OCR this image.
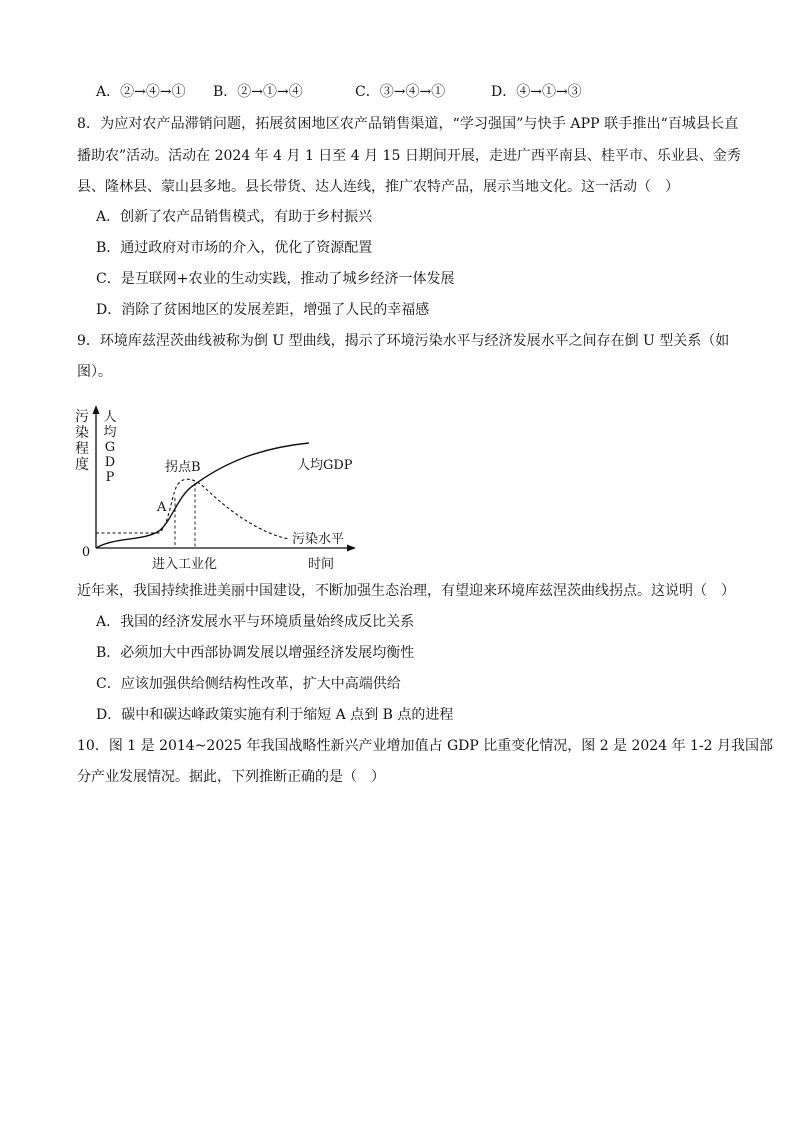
A．②→④→① B．②→①→④	C．③→④→①	D．④→①→③
8．为应对农产品滞销问题，拓展贫困地区农产品销售渠道，“学习强国”与快手 APP 联手推出“百城县长直
播助农”活动。活动在 2024 年 4 月 1 日至 4 月 15 日期间开展，走进广西平南县、桂平市、乐业县、金秀
县、隆林县、蒙山县多地。县长带货、达人连线，推广农特产品，展示当地文化。这一活动（　）
A．创新了农产品销售模式，有助于乡村振兴
B．通过政府对市场的介入，优化了资源配置
C．是互联网+农业的生动实践，推动了城乡经济一体发展
D．消除了贫困地区的发展差距，增强了人民的幸福感
9．环境库兹涅茨曲线被称为倒 U 型曲线，揭示了环境污染水平与经济发展水平之间存在倒 U 型关系（如
图）。
污染程度
人均 G D P
0
A
拐点B	人均GDP
污染水平
进入工业化	时间
近年来，我国持续推进美丽中国建设，不断加强生态治理，有望迎来环境库兹涅茨曲线拐点。这说明（　）
A．我国的经济发展水平与环境质量始终成反比关系
B．必须加大中西部协调发展以增强经济发展均衡性
C．应该加强供给侧结构性改革，扩大中高端供给
D．碳中和碳达峰政策实施有利于缩短 A 点到 B 点的进程
10．图 1 是 2014~2025 年我国战略性新兴产业增加值占 GDP 比重变化情况，图 2 是 2024 年 1-2 月我国部
分产业发展情况。据此，下列推断正确的是（　）
